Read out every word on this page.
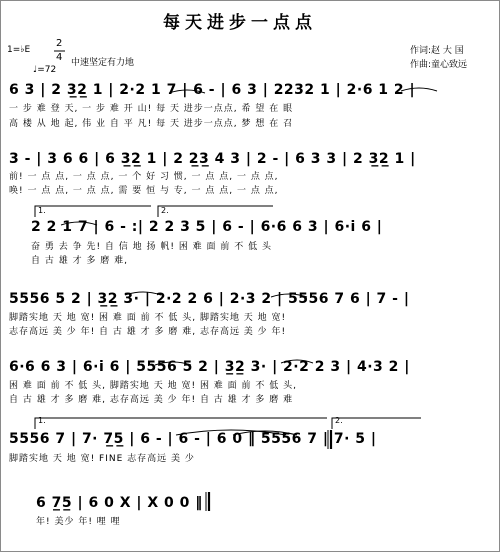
每天进步一点点
1=♭E
2
4
♩=72
中速坚定有力地
作词:赵 大 国
作曲:童心致远
6 3 | 2 3̲2̲ 1 | 2·2 1 7 | 6 - | 6 3 | 2232 1 | 2·6 1 2 |
一 步 难 登 天, 一 步 难 开 山! 每 天 进步一点点, 希 望 在 眼
高 楼 从 地 起, 伟 业 自 平 凡! 每 天 进步一点点, 梦 想 在 召
3 - | 3 6 6 | 6 3̲2̲ 1 | 2 2̲3̲ 4 3 | 2 - | 6 3 3 | 2 3̲2̲ 1 |
前! 一 点 点, 一 点 点, 一 个 好 习 惯, 一 点 点, 一 点 点,
唤! 一 点 点, 一 点 点, 需 要 恒 与 专, 一 点 点, 一 点 点,
1.	2.
2 2 1 7 | 6 - :| 2 2 3 5 | 6 - | 6·6 6 3 | 6·i 6 |
奋 勇 去 争 先! 自 信 地 扬 帆! 困 难 面 前 不 低 头
自 古 雄 才 多 磨 难,
5556 5 2 | 3̲2̲ 3· | 2·2 2 6 | 2·3 2 | 5556 7 6 | 7 - |
脚踏实地 天 地 宽! 困 难 面 前 不 低 头, 脚踏实地 天 地 宽!
志存高远 美 少 年! 自 古 雄 才 多 磨 难, 志存高远 美 少 年!
6·6 6 3 | 6·i 6 | 5556 5 2 | 3̲2̲ 3· | 2·2 2 3 | 4·3 2 |
困 难 面 前 不 低 头, 脚踏实地 天 地 宽! 困 难 面 前 不 低 头,
自 古 雄 才 多 磨 难, 志存高远 美 少 年! 自 古 雄 才 多 磨 难
1.	2.
5556 7 | 7· 7̲5̲ | 6 - | 6 - | 6 0 ‖ 5556 7 | 7· 5 |
脚踏实地 天 地 宽! FINE 志存高远 美 少
6 7̲5̲ | 6 0 X | X 0 0 ‖
年! 美少 年! 哩 哩
